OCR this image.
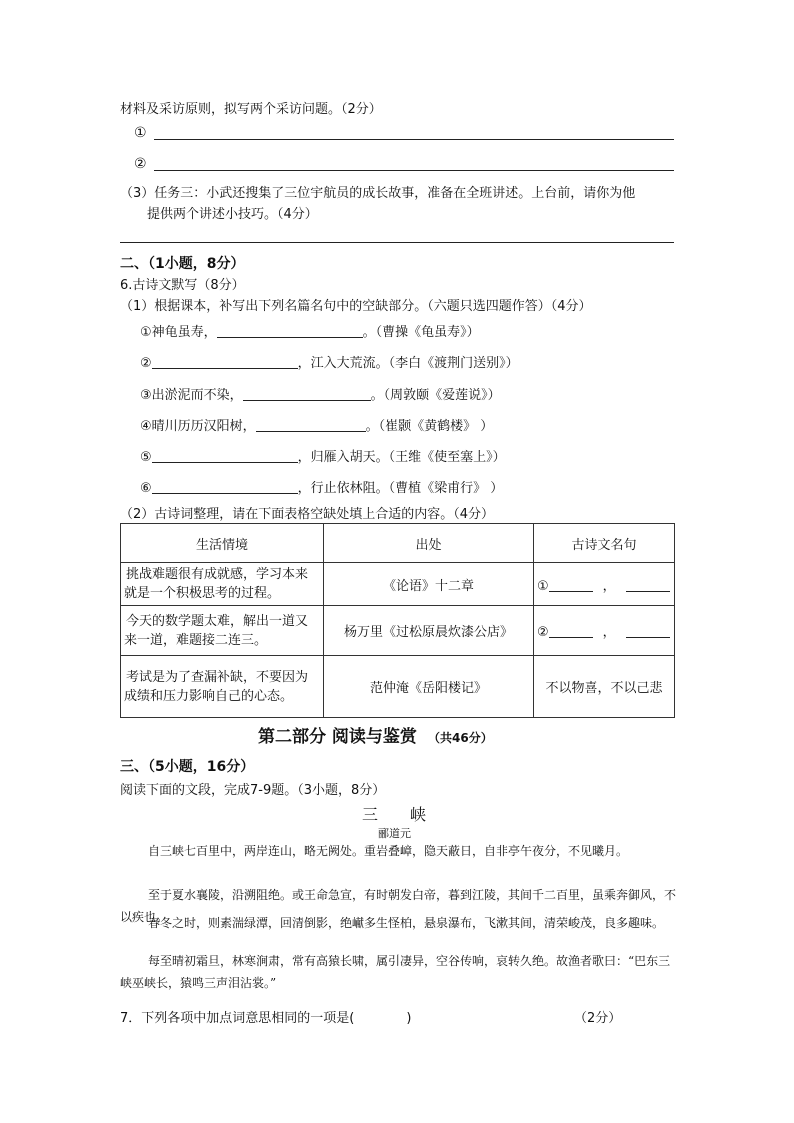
材料及采访原则，拟写两个采访问题。（2分）
①
②
（3）任务三：小武还搜集了三位宇航员的成长故事，准备在全班讲述。上台前，请你为他
提供两个讲述小技巧。（4分）
二、（1小题，8分）
6.古诗文默写（8分）
（1）根据课本，补写出下列名篇名句中的空缺部分。（六题只选四题作答）（4分）
①神龟虽寿，	。（曹操《龟虽寿》）
②	，江入大荒流。（李白《渡荆门送别》）
③出淤泥而不染，	。（周敦颐《爱莲说》）
④晴川历历汉阳树，	。（崔颢《黄鹤楼》 ）
⑤	，归雁入胡天。（王维《使至塞上》）
⑥	，行止依林阻。（曹植《梁甫行》 ）
（2）古诗词整理，请在下面表格空缺处填上合适的内容。（4分）
生活情境	出处	古诗文名句
挑战难题很有成就感，学习本来就是一个积极思考的过程。	《论语》十二章	① ，
今天的数学题太难，解出一道又来一道，难题接二连三。	杨万里《过松原晨炊漆公店》	② ，
考试是为了查漏补缺，不要因为成绩和压力影响自己的心态。	范仲淹《岳阳楼记》	不以物喜，不以己悲
第二部分 阅读与鉴赏 （共46分）
三、（5小题，16分）
阅读下面的文段，完成7-9题。（3小题，8分）
三　　峡
郦道元
自三峡七百里中，两岸连山，略无阙处。重岩叠嶂，隐天蔽日，自非亭午夜分，不见曦月。
至于夏水襄陵，沿溯阻绝。或王命急宣，有时朝发白帝，暮到江陵，其间千二百里，虽乘奔御风，不以疾也。
春冬之时，则素湍绿潭，回清倒影，绝𪩘多生怪柏，悬泉瀑布，飞漱其间，清荣峻茂，良多趣味。
每至晴初霜旦，林寒涧肃，常有高猿长啸，属引凄异，空谷传响，哀转久绝。故渔者歌曰：“巴东三峡巫峡长，猿鸣三声泪沾裳。”
7．下列各项中加点词意思相同的一项是(	)	（2分）
